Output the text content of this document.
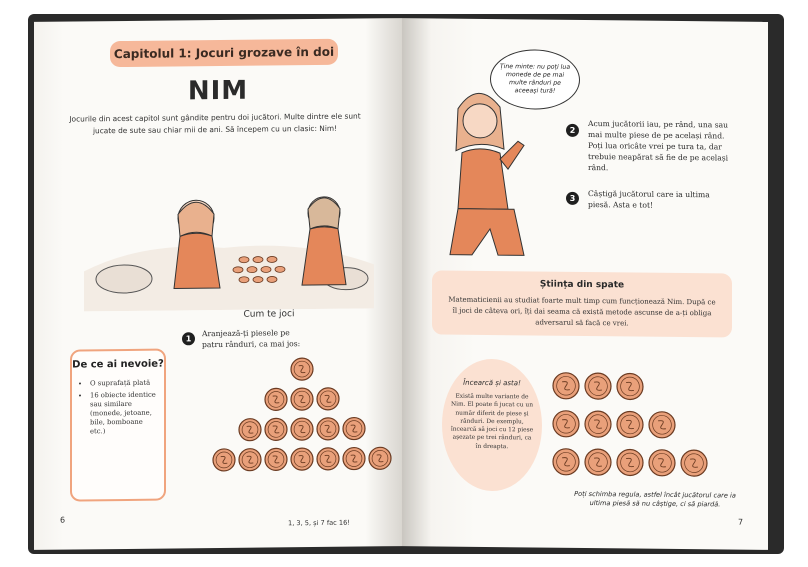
Capitolul 1: Jocuri grozave în doi
NIM
Jocurile din acest capitol sunt gândite pentru doi jucători. Multe dintre ele sunt jucate de sute sau chiar mii de ani. Să începem cu un clasic: Nim!
Cum te joci
1
Aranjează-ți piesele pe patru rânduri, ca mai jos:
De ce ai nevoie?
• O suprafață plată
• 16 obiecte identice sau similare (monede, jetoane, bile, bomboane etc.)
1, 3, 5, și 7 fac 16!
6
Ține minte: nu poți lua monede de pe mai multe rânduri pe aceeași tură!
2
Acum jucătorii iau, pe rând, una sau mai multe piese de pe același rând. Poți lua oricâte vrei pe tura ta, dar trebuie neapărat să fie de pe același rând.
3	Câștigă jucătorul care ia ultima piesă. Asta e tot!
Știința din spate
Matematicienii au studiat foarte mult timp cum funcționează Nim. După ce îl joci de câteva ori, îți dai seama că există metode ascunse de a-ți obliga adversarul să facă ce vrei.
Încearcă și asta!
Există multe variante de Nim. El poate fi jucat cu un număr diferit de piese și rânduri. De exemplu, încearcă să joci cu 12 piese așezate pe trei rânduri, ca în dreapta.
Poți schimba regula, astfel încât jucătorul care ia ultima piesă să nu câștige, ci să piardă.
7
